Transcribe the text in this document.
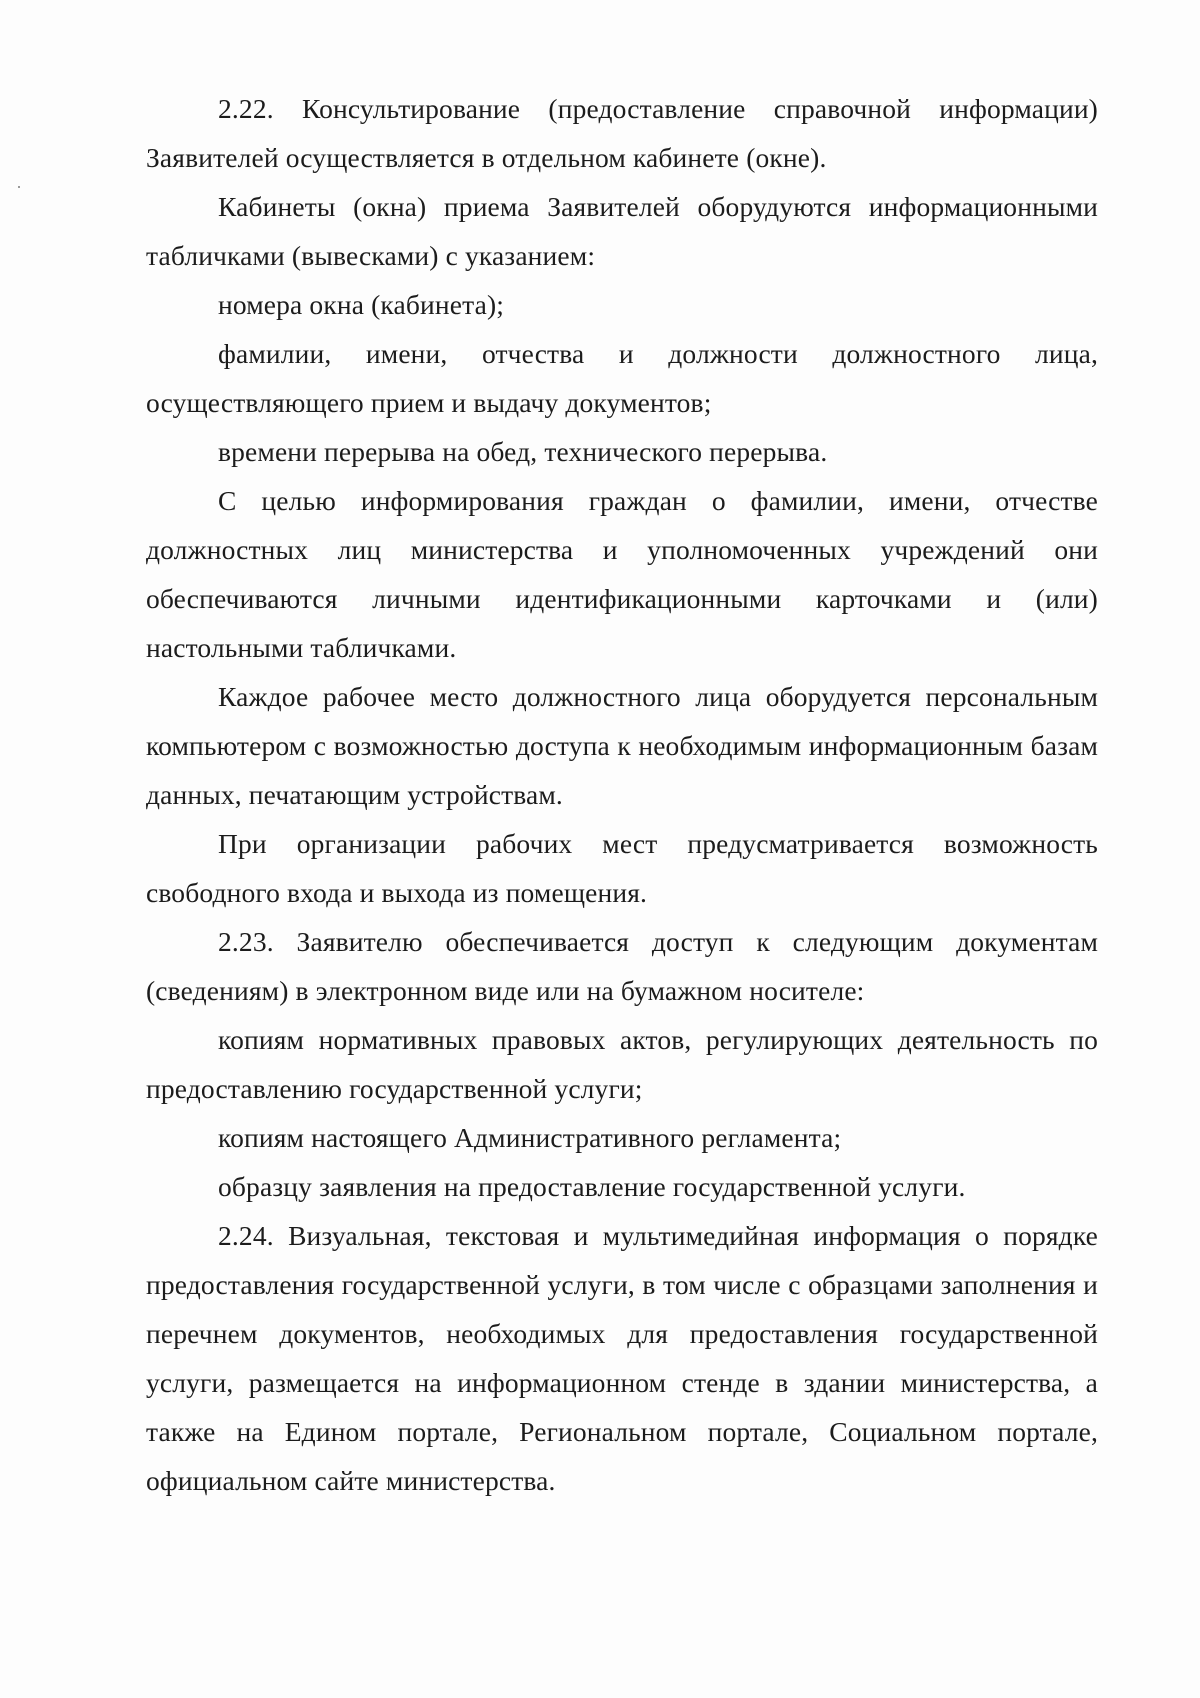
2.22. Консультирование (предоставление справочной информации) Заявителей осуществляется в отдельном кабинете (окне).

Кабинеты (окна) приема Заявителей оборудуются информационными табличками (вывесками) с указанием:

номера окна (кабинета);

фамилии, имени, отчества и должности должностного лица, осуществляющего прием и выдачу документов;

времени перерыва на обед, технического перерыва.

С целью информирования граждан о фамилии, имени, отчестве должностных лиц министерства и уполномоченных учреждений они обеспечиваются личными идентификационными карточками и (или) настольными табличками.

Каждое рабочее место должностного лица оборудуется персональным компьютером с возможностью доступа к необходимым информационным базам данных, печатающим устройствам.

При организации рабочих мест предусматривается возможность свободного входа и выхода из помещения.

2.23. Заявителю обеспечивается доступ к следующим документам (сведениям) в электронном виде или на бумажном носителе:

копиям нормативных правовых актов, регулирующих деятельность по предоставлению государственной услуги;

копиям настоящего Административного регламента;

образцу заявления на предоставление государственной услуги.

2.24. Визуальная, текстовая и мультимедийная информация о порядке предоставления государственной услуги, в том числе с образцами заполнения и перечнем документов, необходимых для предоставления государственной услуги, размещается на информационном стенде в здании министерства, а также на Едином портале, Региональном портале, Социальном портале, официальном сайте министерства.
